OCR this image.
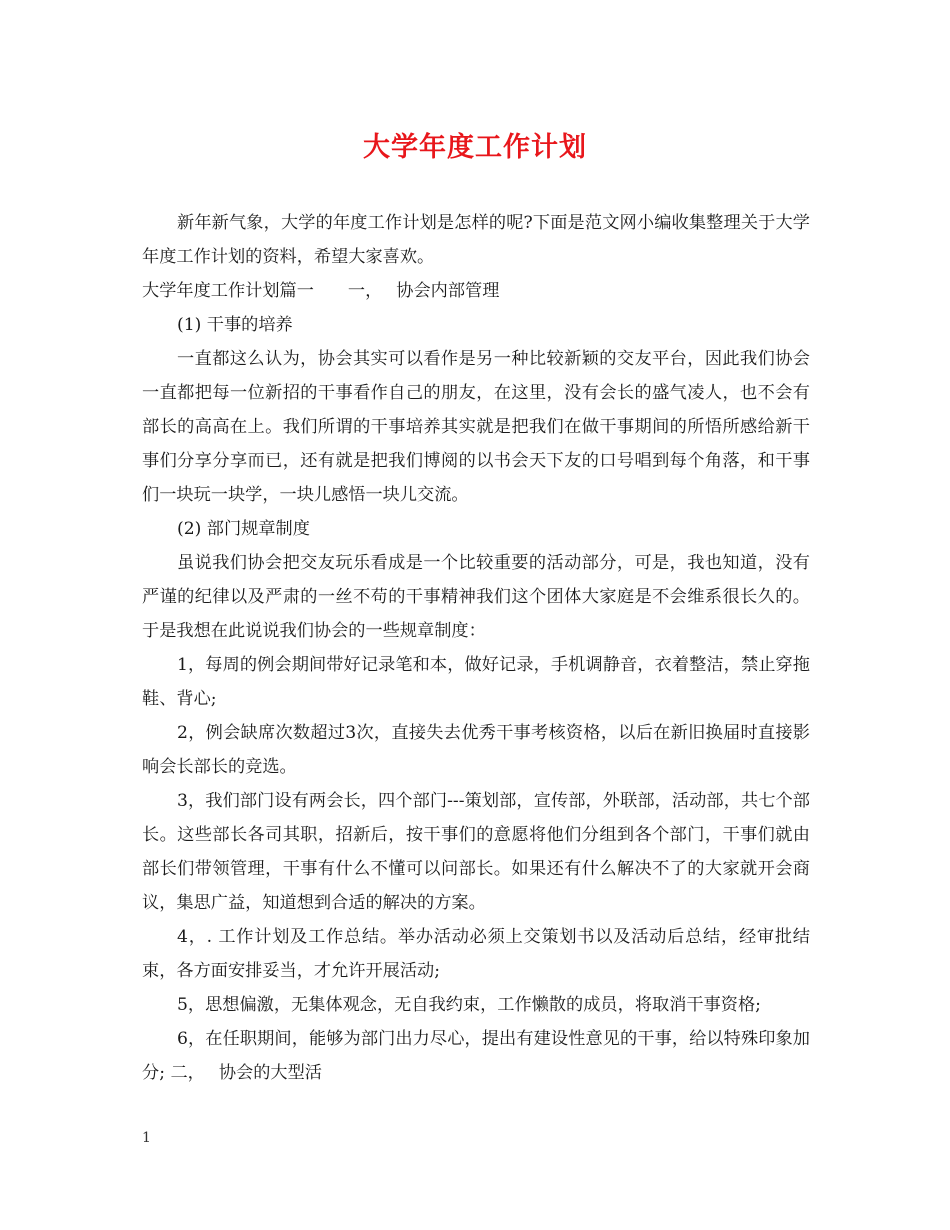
大学年度工作计划

新年新气象，大学的年度工作计划是怎样的呢?下面是范文网小编收集整理关于大学年度工作计划的资料，希望大家喜欢。

大学年度工作计划篇一 一， 协会内部管理

(1) 干事的培养

一直都这么认为，协会其实可以看作是另一种比较新颖的交友平台，因此我们协会一直都把每一位新招的干事看作自己的朋友，在这里，没有会长的盛气凌人，也不会有部长的高高在上。我们所谓的干事培养其实就是把我们在做干事期间的所悟所感给新干事们分享分享而已，还有就是把我们博阅的以书会天下友的口号唱到每个角落，和干事们一块玩一块学，一块儿感悟一块儿交流。

(2) 部门规章制度

虽说我们协会把交友玩乐看成是一个比较重要的活动部分，可是，我也知道，没有严谨的纪律以及严肃的一丝不苟的干事精神我们这个团体大家庭是不会维系很长久的。于是我想在此说说我们协会的一些规章制度：

1，每周的例会期间带好记录笔和本，做好记录，手机调静音，衣着整洁，禁止穿拖鞋、背心;

2，例会缺席次数超过3次，直接失去优秀干事考核资格，以后在新旧换届时直接影响会长部长的竞选。

3，我们部门设有两会长，四个部门---策划部，宣传部，外联部，活动部，共七个部长。这些部长各司其职，招新后，按干事们的意愿将他们分组到各个部门，干事们就由部长们带领管理，干事有什么不懂可以问部长。如果还有什么解决不了的大家就开会商议，集思广益，知道想到合适的解决的方案。

4，. 工作计划及工作总结。举办活动必须上交策划书以及活动后总结，经审批结束，各方面安排妥当，才允许开展活动;

5，思想偏激，无集体观念，无自我约束，工作懒散的成员，将取消干事资格;

6，在任职期间，能够为部门出力尽心，提出有建设性意见的干事，给以特殊印象加分; 二， 协会的大型活

1
